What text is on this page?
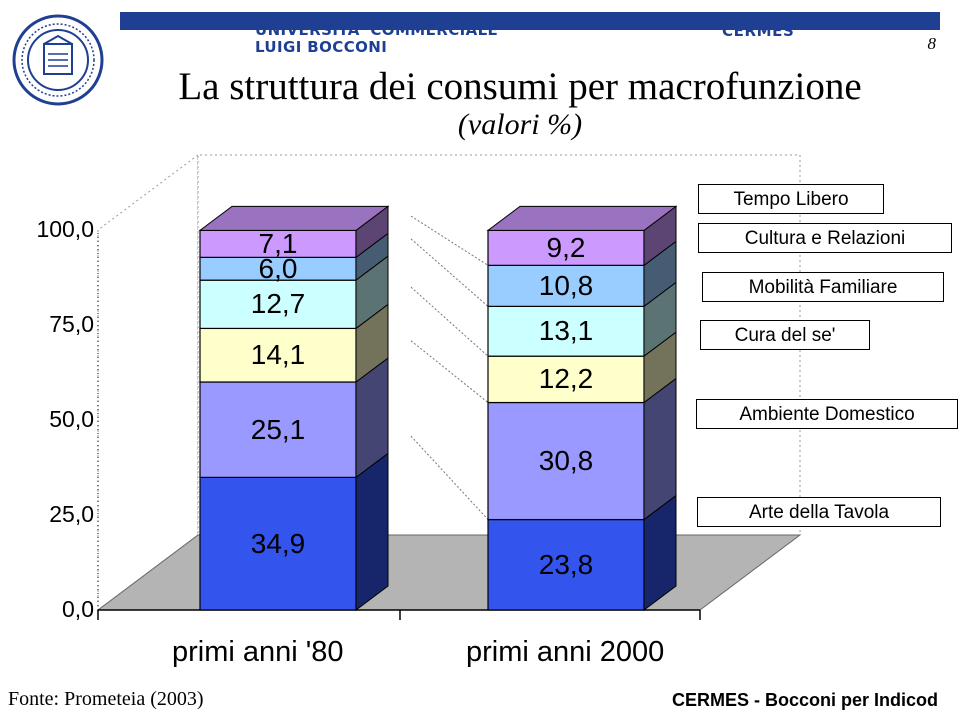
UNIVERSITA' COMMERCIALE
LUIGI BOCCONI
CERMES
8
La struttura dei consumi per macrofunzione
(valori %)
34,9
25,1
14,1
12,7
6,0
7,1
primi anni '80
23,8
30,8
12,2
13,1
10,8
9,2
primi anni 2000
0,0
25,0
50,0
75,0
100,0
Arte della Tavola
Ambiente Domestico
Cura del se'
Mobilità Familiare
Cultura e Relazioni
Tempo Libero
Fonte: Prometeia (2003)	CERMES - Bocconi per Indicod
